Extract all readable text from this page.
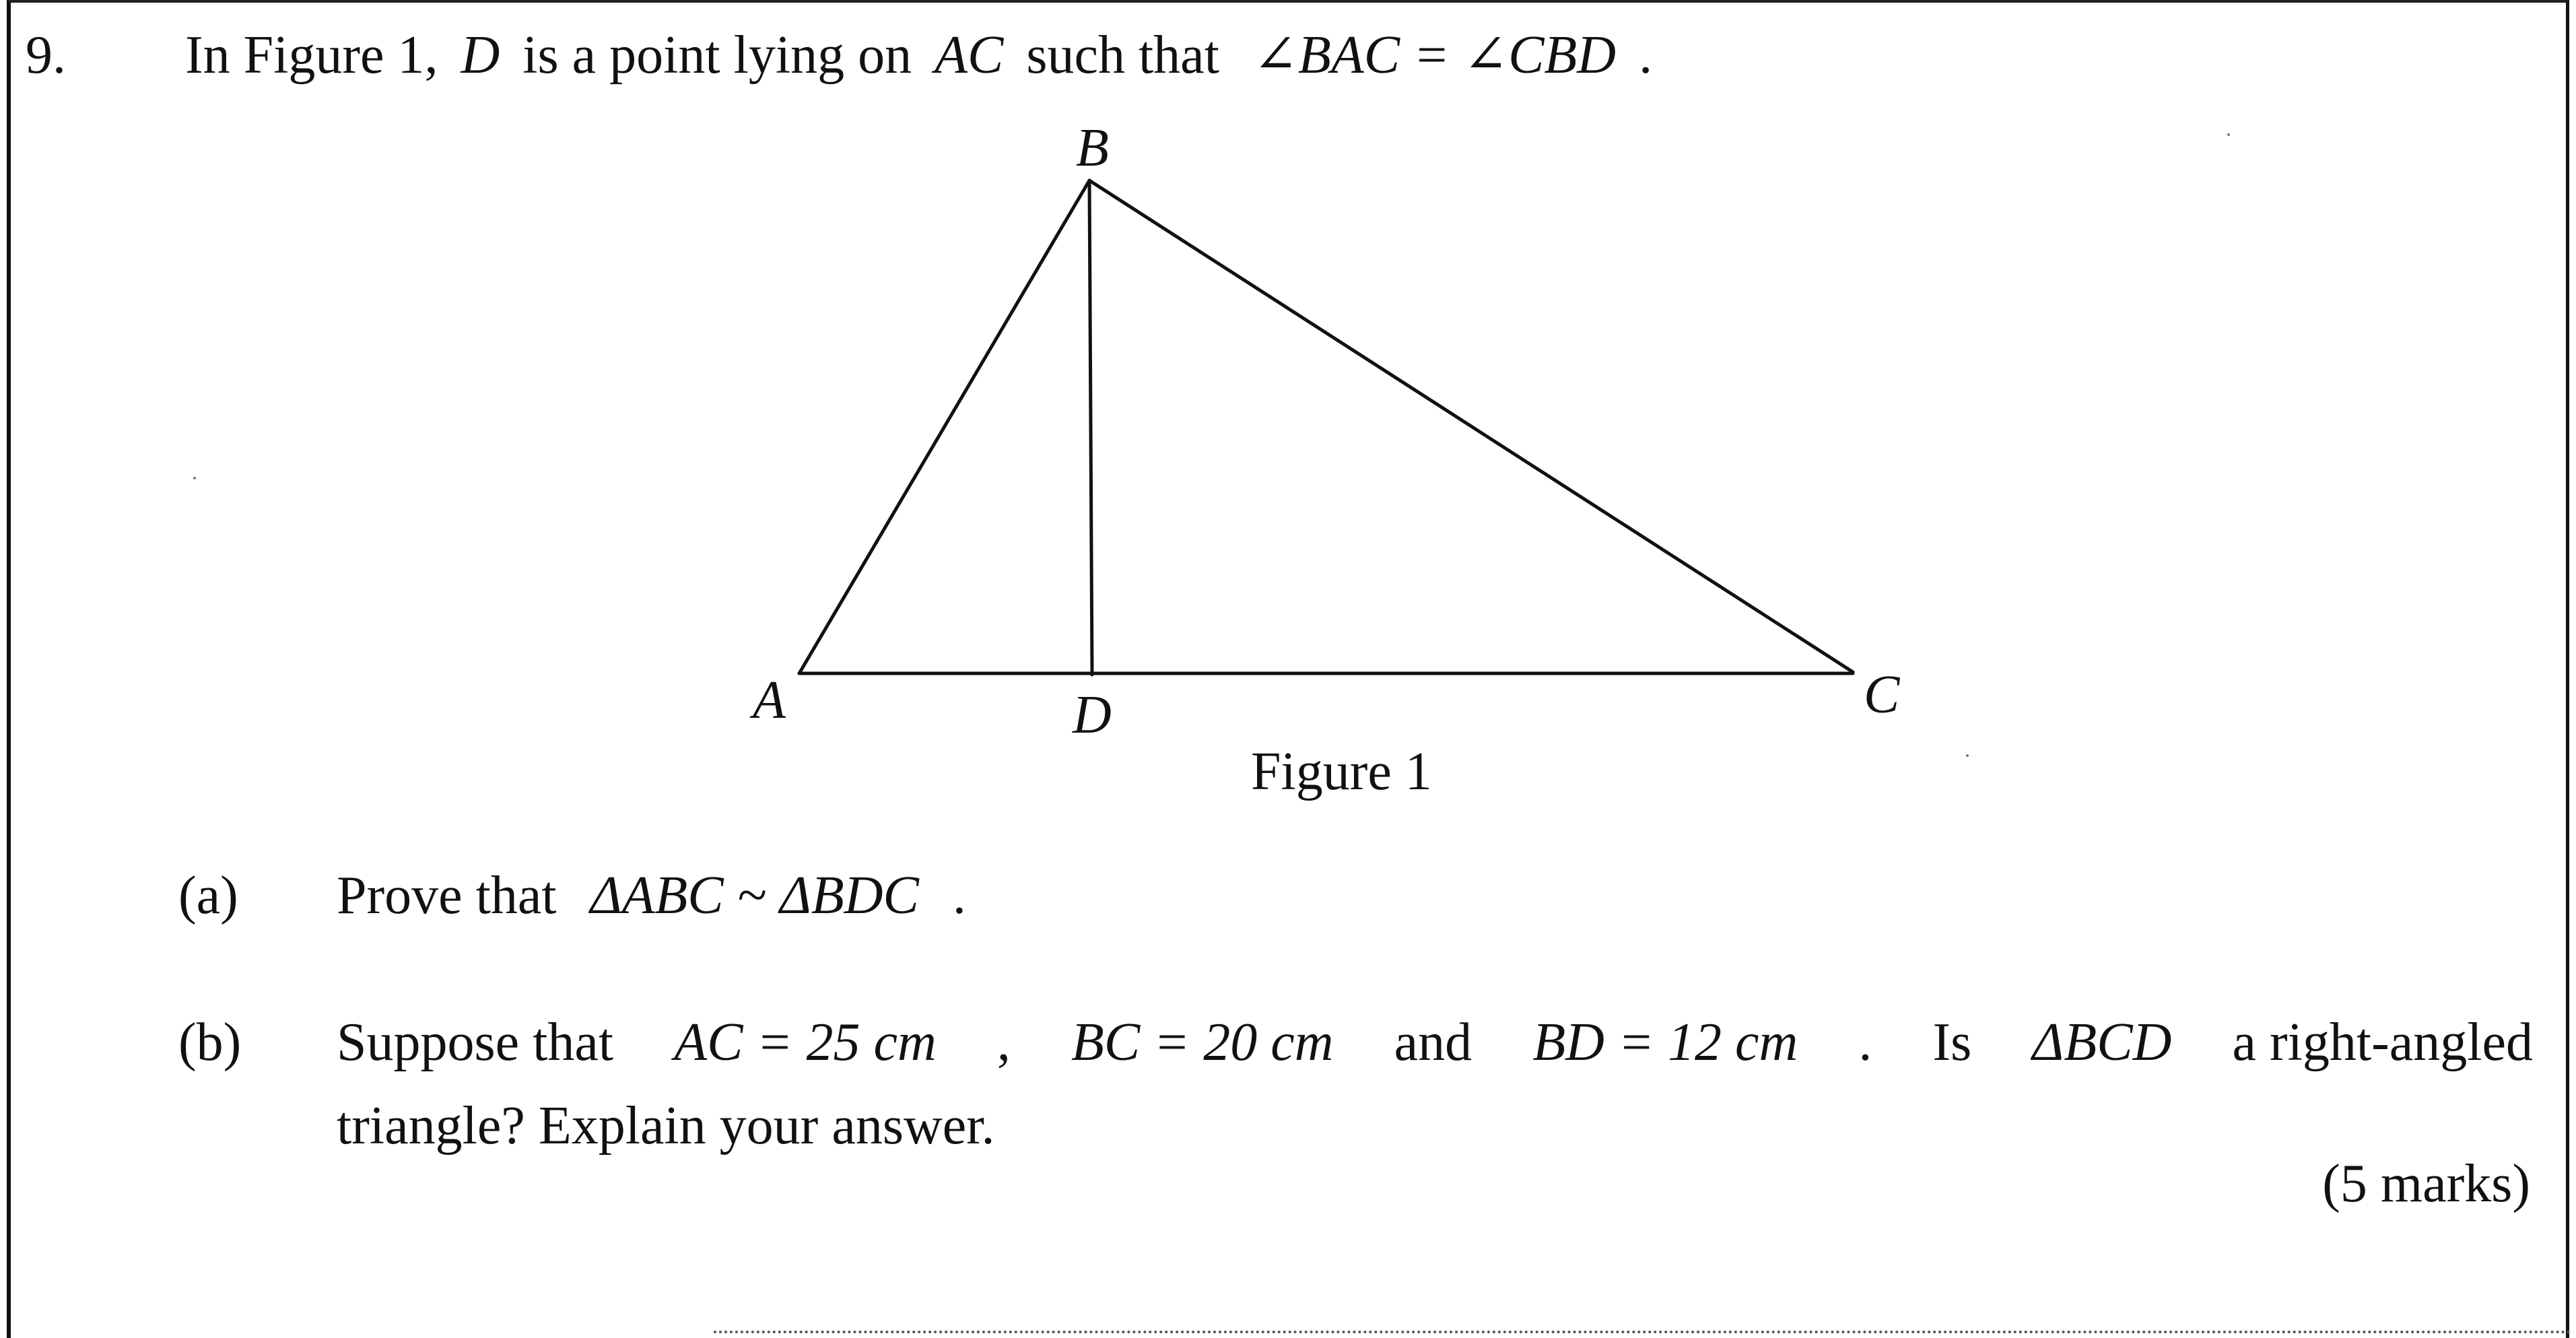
9. In Figure 1, D is a point lying on AC such that ∠BAC = ∠CBD .
B
A	D	C
Figure 1
(a) Prove that ΔABC ~ ΔBDC .
(b) Suppose that AC = 25 cm , BC = 20 cm and BD = 12 cm . Is ΔBCD a right-angled
triangle? Explain your answer.
(5 marks)
